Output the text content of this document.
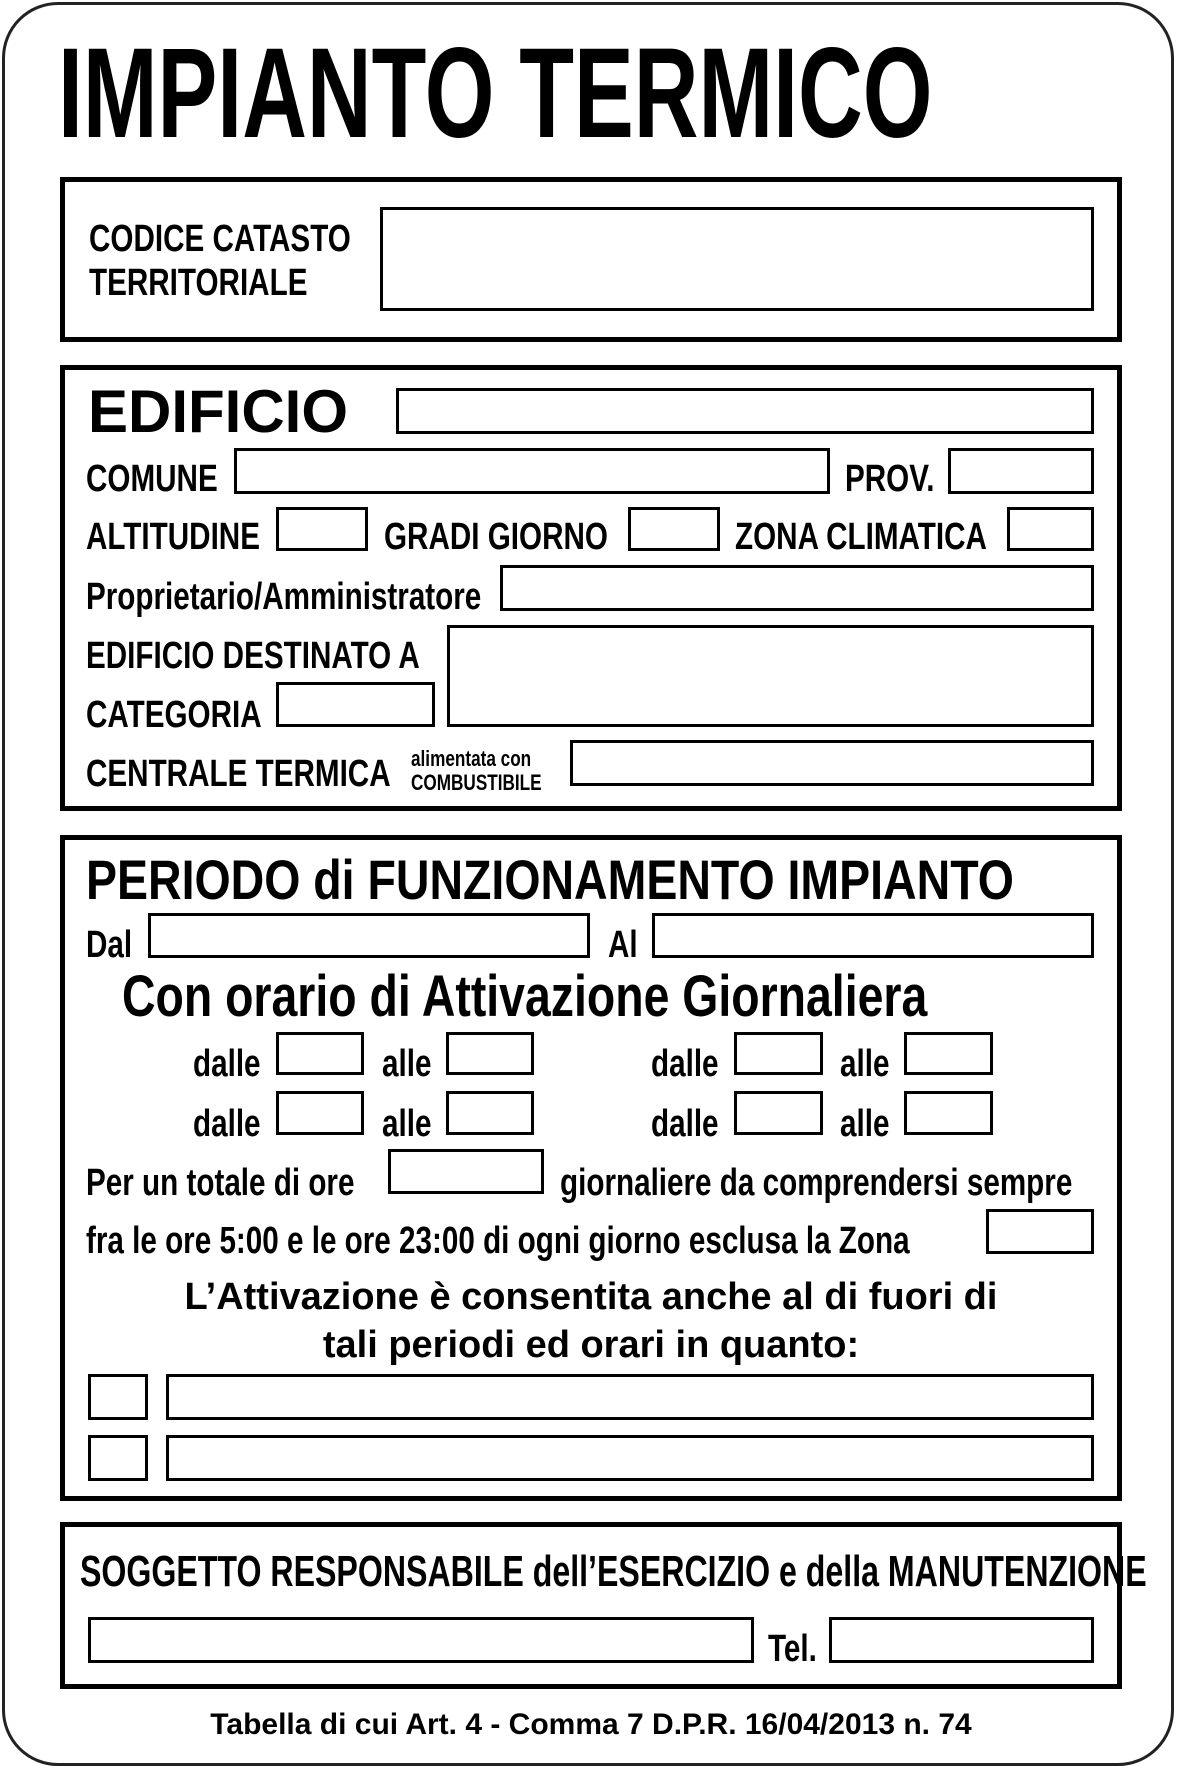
IMPIANTO TERMICO
CODICE CATASTO
TERRITORIALE
EDIFICIO
COMUNE	PROV.
ALTITUDINE	GRADI GIORNO	ZONA CLIMATICA
Proprietario/Amministratore
EDIFICIO DESTINATO A
CATEGORIA
CENTRALE TERMICA alimentata con
COMBUSTIBILE
PERIODO di FUNZIONAMENTO IMPIANTO
Dal	Al
Con orario di Attivazione Giornaliera
dalle	alle	dalle	alle
dalle	alle	dalle	alle
Per un totale di ore	giornaliere da comprendersi sempre
fra le ore 5:00 e le ore 23:00 di ogni giorno esclusa la Zona
L’Attivazione è consentita anche al di fuori di
tali periodi ed orari in quanto:
SOGGETTO RESPONSABILE dell’ESERCIZIO e della MANUTENZIONE
Tel.
Tabella di cui Art. 4 - Comma 7 D.P.R. 16/04/2013 n. 74
